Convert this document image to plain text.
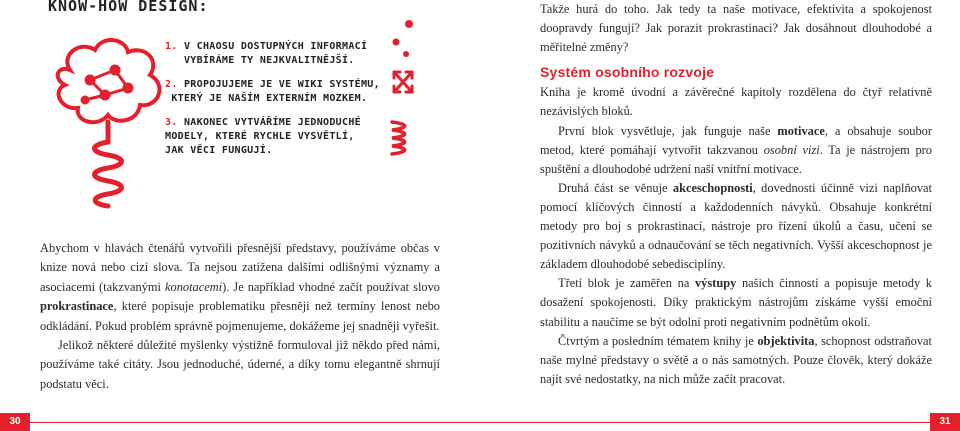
KNOW-HOW DESIGN:
1. V CHAOSU DOSTUPNÝCH INFORMACÍ
VYBÍRÁME TY NEJKVALITNĚJŠÍ.
2. PROPOJUJEME JE VE WIKI SYSTÉMU,
KTERÝ JE NAŠÍM EXTERNÍM MOZKEM.
3. NAKONEC VYTVÁŘÍME JEDNODUCHÉ
MODELY, KTERÉ RYCHLE VYSVĚTLÍ,
JAK VĚCI FUNGUJÍ.

Abychom v hlavách čtenářů vytvořili přesnější představy, používáme občas v knize nová nebo cizí slova. Ta nejsou zatížena dalšími odlišnými významy a asociacemi (takzvanými konotacemi). Je například vhodné začít používat slovo prokrastinace, které popisuje problematiku přesněji než termíny lenost nebo odkládání. Pokud problém správně pojmenujeme, dokážeme jej snadněji vyřešit.

Jelikož některé důležité myšlenky výstižně formuloval již někdo před námi, používáme také citáty. Jsou jednoduché, úderné, a díky tomu elegantně shrnují podstatu věci.

30

Takže hurá do toho. Jak tedy ta naše motivace, efektivita a spokojenost doopravdy fungují? Jak porazit prokrastinaci? Jak dosáhnout dlouhodobé a měřitelné změny?

Systém osobního rozvoje

Kniha je kromě úvodní a závěrečné kapitoly rozdělena do čtyř relativně nezávislých bloků.

První blok vysvětluje, jak funguje naše motivace, a obsahuje soubor metod, které pomáhají vytvořit takzvanou osobní vizi. Ta je nástrojem pro spuštění a dlouhodobé udržení naší vnitřní motivace.

Druhá část se věnuje akceschopnosti, dovednosti účinně vizi naplňovat pomocí klíčových činností a každodenních návyků. Obsahuje konkrétní metody pro boj s prokrastinací, nástroje pro řízení úkolů a času, učení se pozitivních návyků a odnaučování se těch negativních. Vyšší akceschopnost je základem dlouhodobé sebedisciplíny.

Třetí blok je zaměřen na výstupy našich činností a popisuje metody k dosažení spokojenosti. Díky praktickým nástrojům získáme vyšší emoční stabilitu a naučíme se být odolní proti negativním podnětům okolí.

Čtvrtým a posledním tématem knihy je objektivita, schopnost odstraňovat naše mylné představy o světě a o nás samotných. Pouze člověk, který dokáže najít své nedostatky, na nich může začít pracovat.

31
